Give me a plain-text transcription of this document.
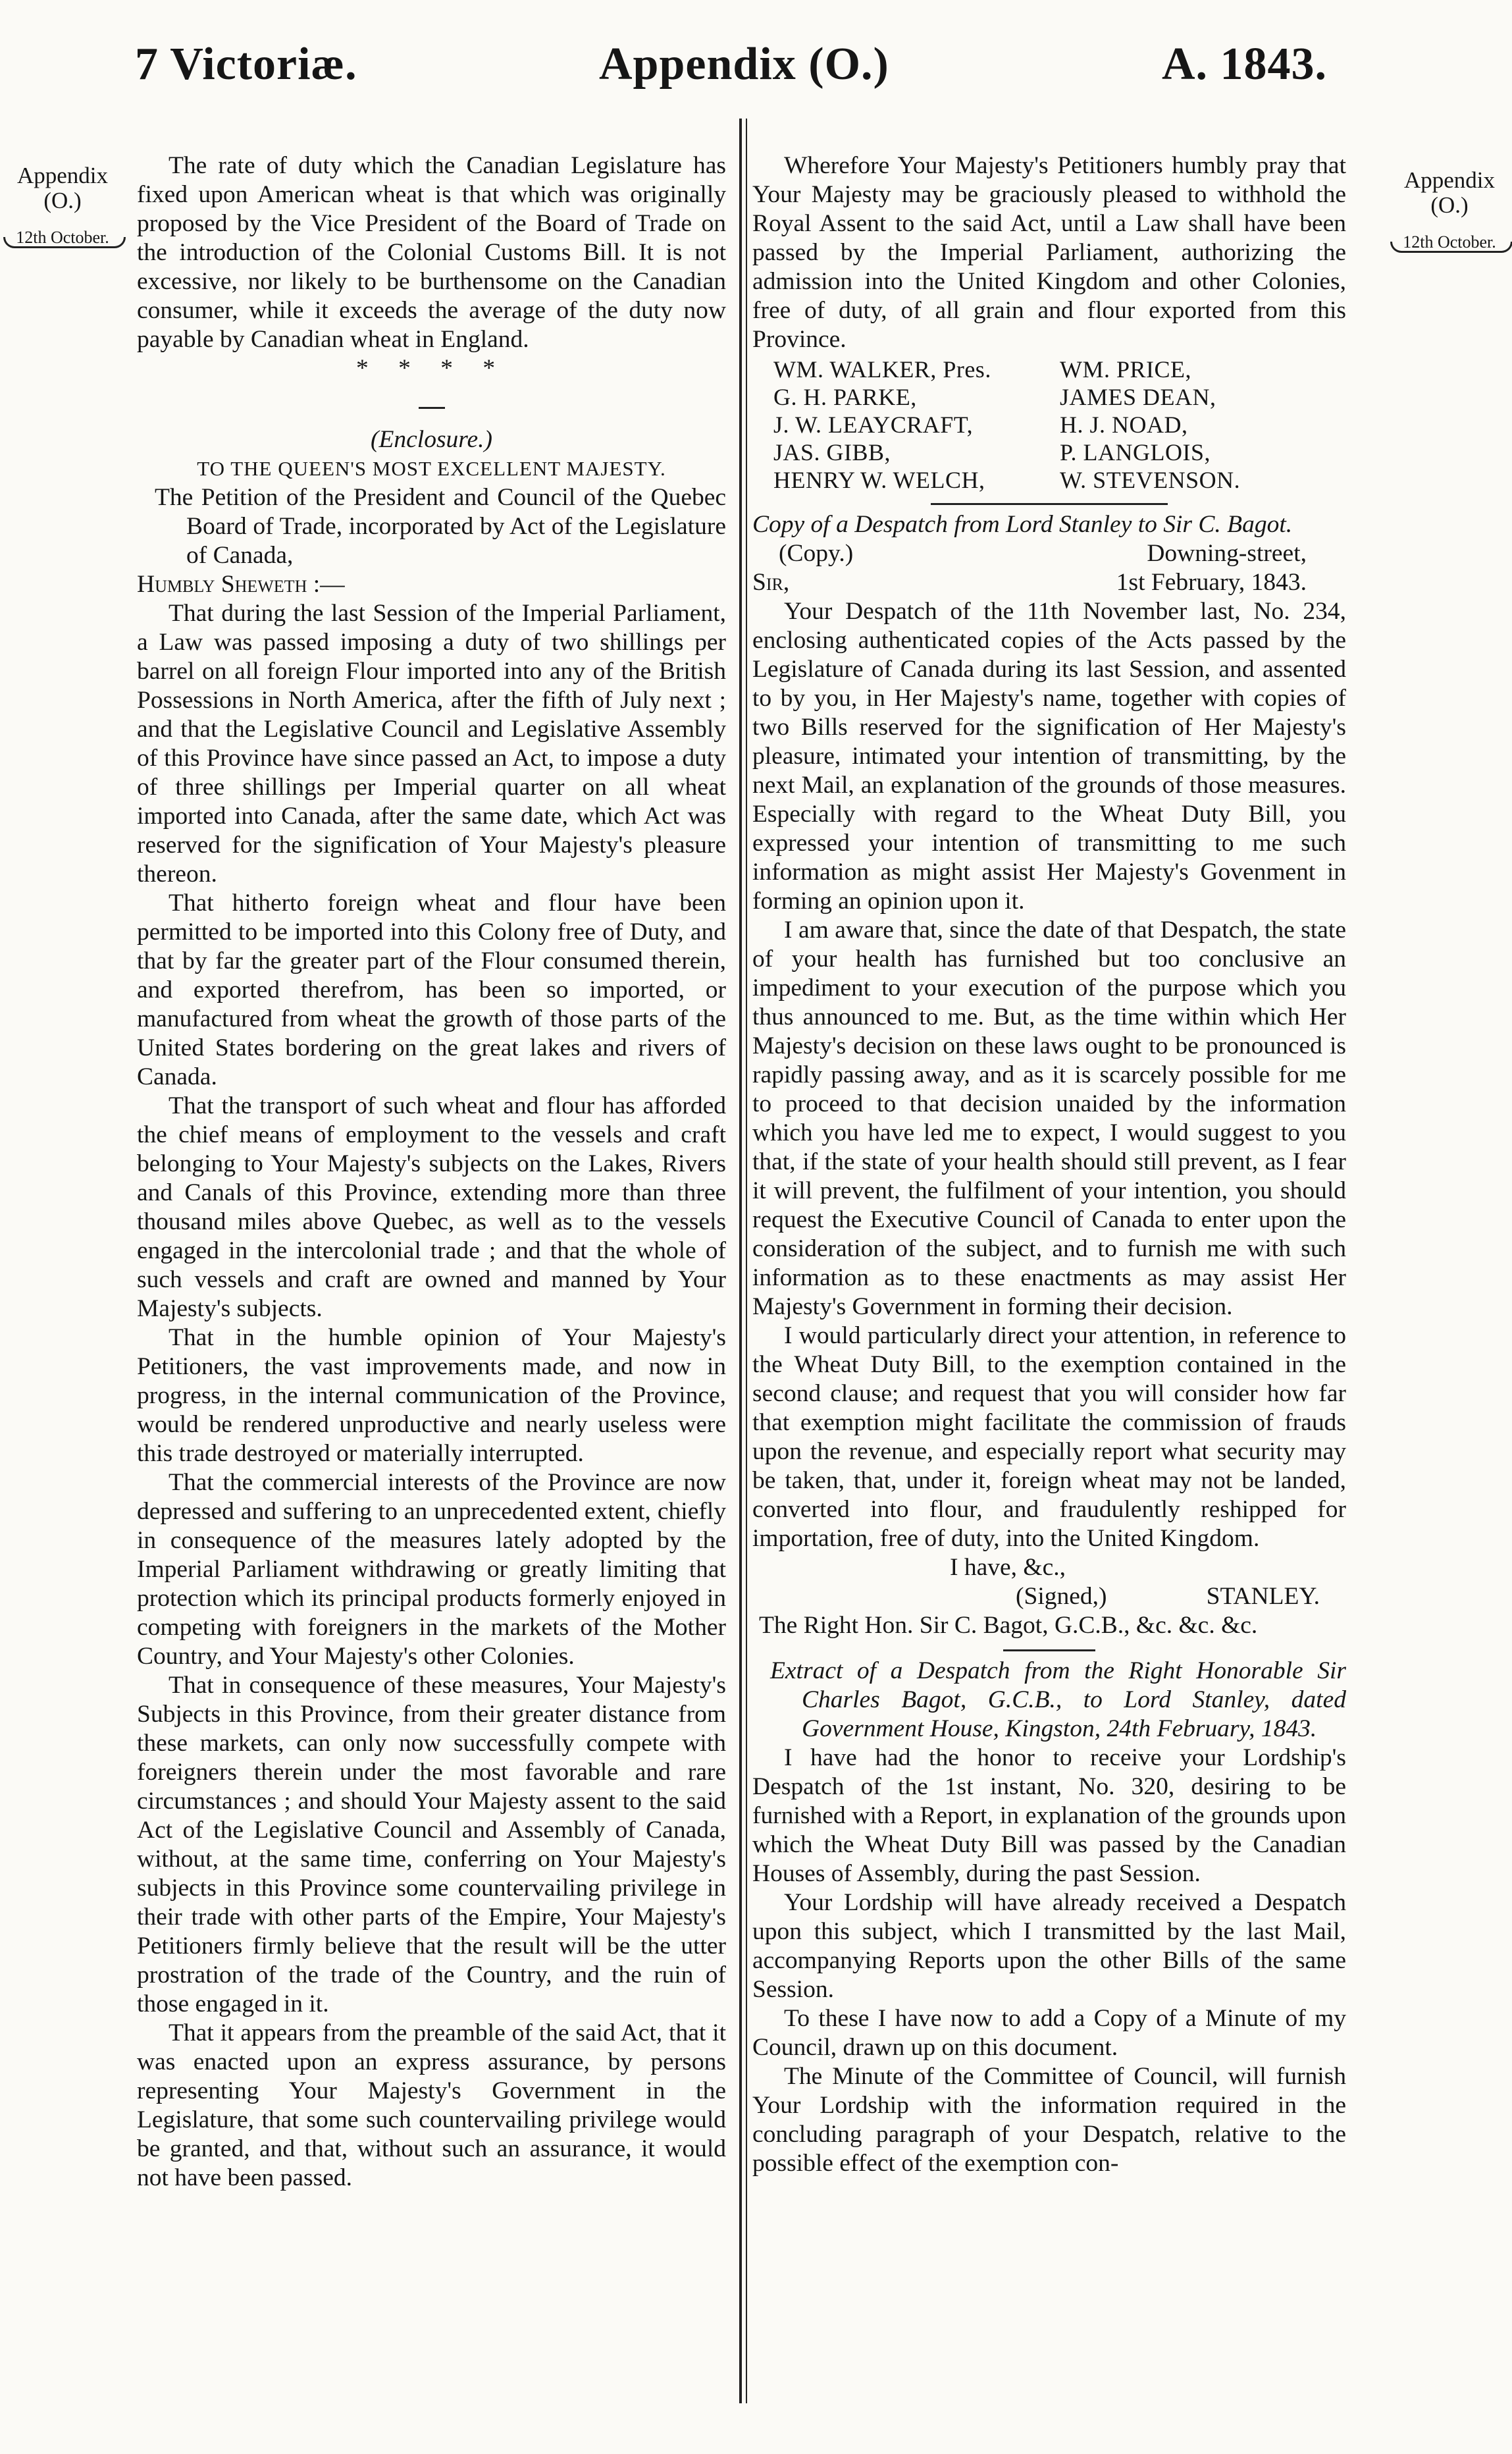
7 Victoriæ.	Appendix (O.)	A. 1843.
Appendix
(O.)
12th October.
Appendix
(O.)
12th October.

The rate of duty which the Canadian Legislature has fixed upon American wheat is that which was originally proposed by the Vice President of the Board of Trade on the introduction of the Colonial Customs Bill. It is not excessive, nor likely to be burthensome on the Canadian consumer, while it exceeds the average of the duty now payable by Canadian wheat in England.

* * * *

(Enclosure.)

TO THE QUEEN'S MOST EXCELLENT MAJESTY.

The Petition of the President and Council of the Quebec Board of Trade, incorporated by Act of the Legislature of Canada,

Humbly Sheweth :—

That during the last Session of the Imperial Parliament, a Law was passed imposing a duty of two shillings per barrel on all foreign Flour imported into any of the British Possessions in North America, after the fifth of July next ; and that the Legislative Council and Legislative Assembly of this Province have since passed an Act, to impose a duty of three shillings per Imperial quarter on all wheat imported into Canada, after the same date, which Act was reserved for the signification of Your Majesty's pleasure thereon.

That hitherto foreign wheat and flour have been permitted to be imported into this Colony free of Duty, and that by far the greater part of the Flour consumed therein, and exported therefrom, has been so imported, or manufactured from wheat the growth of those parts of the United States bordering on the great lakes and rivers of Canada.

That the transport of such wheat and flour has afforded the chief means of employment to the vessels and craft belonging to Your Majesty's subjects on the Lakes, Rivers and Canals of this Province, extending more than three thousand miles above Quebec, as well as to the vessels engaged in the intercolonial trade ; and that the whole of such vessels and craft are owned and manned by Your Majesty's subjects.

That in the humble opinion of Your Majesty's Petitioners, the vast improvements made, and now in progress, in the internal communication of the Province, would be rendered unproductive and nearly useless were this trade destroyed or materially interrupted.

That the commercial interests of the Province are now depressed and suffering to an unprecedented extent, chiefly in consequence of the measures lately adopted by the Imperial Parliament withdrawing or greatly limiting that protection which its principal products formerly enjoyed in competing with foreigners in the markets of the Mother Country, and Your Majesty's other Colonies.

That in consequence of these measures, Your Majesty's Subjects in this Province, from their greater distance from these markets, can only now successfully compete with foreigners therein under the most favorable and rare circumstances ; and should Your Majesty assent to the said Act of the Legislative Council and Assembly of Canada, without, at the same time, conferring on Your Majesty's subjects in this Province some countervailing privilege in their trade with other parts of the Empire, Your Majesty's Petitioners firmly believe that the result will be the utter prostration of the trade of the Country, and the ruin of those engaged in it.

That it appears from the preamble of the said Act, that it was enacted upon an express assurance, by persons representing Your Majesty's Government in the Legislature, that some such countervailing privilege would be granted, and that, without such an assurance, it would not have been passed.

Wherefore Your Majesty's Petitioners humbly pray that Your Majesty may be graciously pleased to withhold the Royal Assent to the said Act, until a Law shall have been passed by the Imperial Parliament, authorizing the admission into the United Kingdom and other Colonies, free of duty, of all grain and flour exported from this Province.

WM. WALKER, Pres.	WM. PRICE,
G. H. PARKE,	JAMES DEAN,
J. W. LEAYCRAFT,	H. J. NOAD,
JAS. GIBB,	P. LANGLOIS,
HENRY W. WELCH,	W. STEVENSON.

Copy of a Despatch from Lord Stanley to Sir C. Bagot.

(Copy.)	Downing-street,

Sir,	1st February, 1843.

Your Despatch of the 11th November last, No. 234, enclosing authenticated copies of the Acts passed by the Legislature of Canada during its last Session, and assented to by you, in Her Majesty's name, together with copies of two Bills reserved for the signification of Her Majesty's pleasure, intimated your intention of transmitting, by the next Mail, an explanation of the grounds of those measures. Especially with regard to the Wheat Duty Bill, you expressed your intention of transmitting to me such information as might assist Her Majesty's Govenment in forming an opinion upon it.

I am aware that, since the date of that Despatch, the state of your health has furnished but too conclusive an impediment to your execution of the purpose which you thus announced to me. But, as the time within which Her Majesty's decision on these laws ought to be pronounced is rapidly passing away, and as it is scarcely possible for me to proceed to that decision unaided by the information which you have led me to expect, I would suggest to you that, if the state of your health should still prevent, as I fear it will prevent, the fulfilment of your intention, you should request the Executive Council of Canada to enter upon the consideration of the subject, and to furnish me with such information as to these enactments as may assist Her Majesty's Government in forming their decision.

I would particularly direct your attention, in reference to the Wheat Duty Bill, to the exemption contained in the second clause; and request that you will consider how far that exemption might facilitate the commission of frauds upon the revenue, and especially report what security may be taken, that, under it, foreign wheat may not be landed, converted into flour, and fraudulently reshipped for importation, free of duty, into the United Kingdom.

I have, &c.,

(Signed,)	STANLEY.

The Right Hon. Sir C. Bagot, G.C.B., &c. &c. &c.

Extract of a Despatch from the Right Honorable Sir Charles Bagot, G.C.B., to Lord Stanley, dated Government House, Kingston, 24th February, 1843.

I have had the honor to receive your Lordship's Despatch of the 1st instant, No. 320, desiring to be furnished with a Report, in explanation of the grounds upon which the Wheat Duty Bill was passed by the Canadian Houses of Assembly, during the past Session.

Your Lordship will have already received a Despatch upon this subject, which I transmitted by the last Mail, accompanying Reports upon the other Bills of the same Session.

To these I have now to add a Copy of a Minute of my Council, drawn up on this document.

The Minute of the Committee of Council, will furnish Your Lordship with the information required in the concluding paragraph of your Despatch, relative to the possible effect of the exemption con-
